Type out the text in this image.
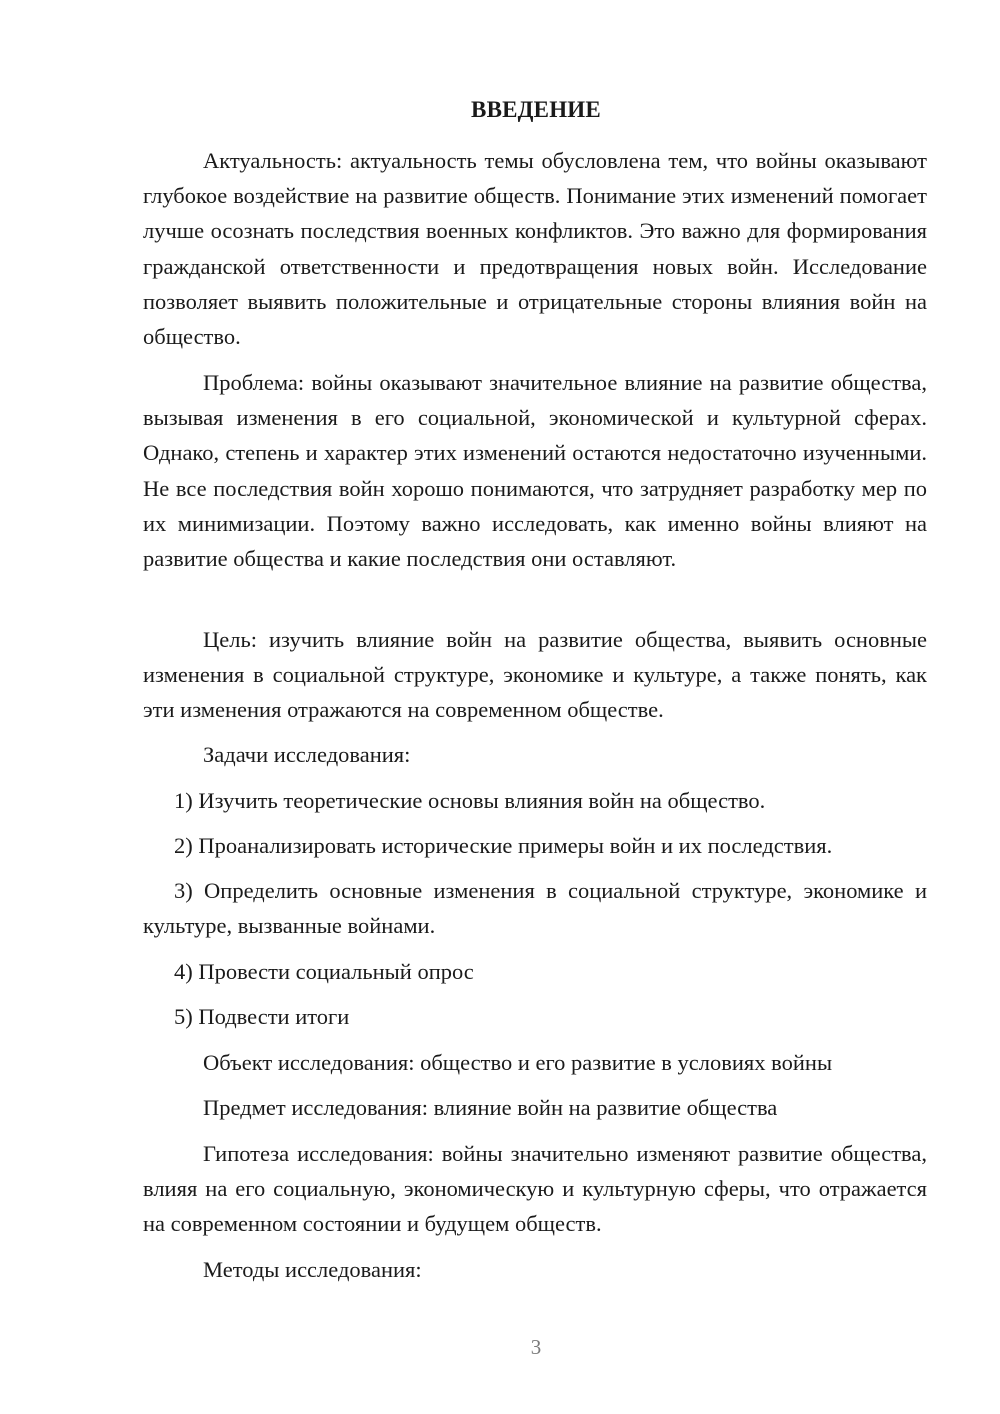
ВВЕДЕНИЕ

Актуальность: актуальность темы обусловлена тем, что войны оказывают глубокое воздействие на развитие обществ. Понимание этих изменений помогает лучше осознать последствия военных конфликтов. Это важно для формирования гражданской ответственности и предотвращения новых войн. Исследование позволяет выявить положительные и отрицательные стороны влияния войн на общество.

Проблема: войны оказывают значительное влияние на развитие общества, вызывая изменения в его социальной, экономической и культурной сферах. Однако, степень и характер этих изменений остаются недостаточно изученными. Не все последствия войн хорошо понимаются, что затрудняет разработку мер по их минимизации. Поэтому важно исследовать, как именно войны влияют на развитие общества и какие последствия они оставляют.

Цель: изучить влияние войн на развитие общества, выявить основные изменения в социальной структуре, экономике и культуре, а также понять, как эти изменения отражаются на современном обществе.

Задачи исследования:

1) Изучить теоретические основы влияния войн на общество.

2) Проанализировать исторические примеры войн и их последствия.

3) Определить основные изменения в социальной структуре, экономике и культуре, вызванные войнами.

4) Провести социальный опрос

5) Подвести итоги

Объект исследования: общество и его развитие в условиях войны

Предмет исследования: влияние войн на развитие общества

Гипотеза исследования: войны значительно изменяют развитие общества, влияя на его социальную, экономическую и культурную сферы, что отражается на современном состоянии и будущем обществ.

Методы исследования:

3
